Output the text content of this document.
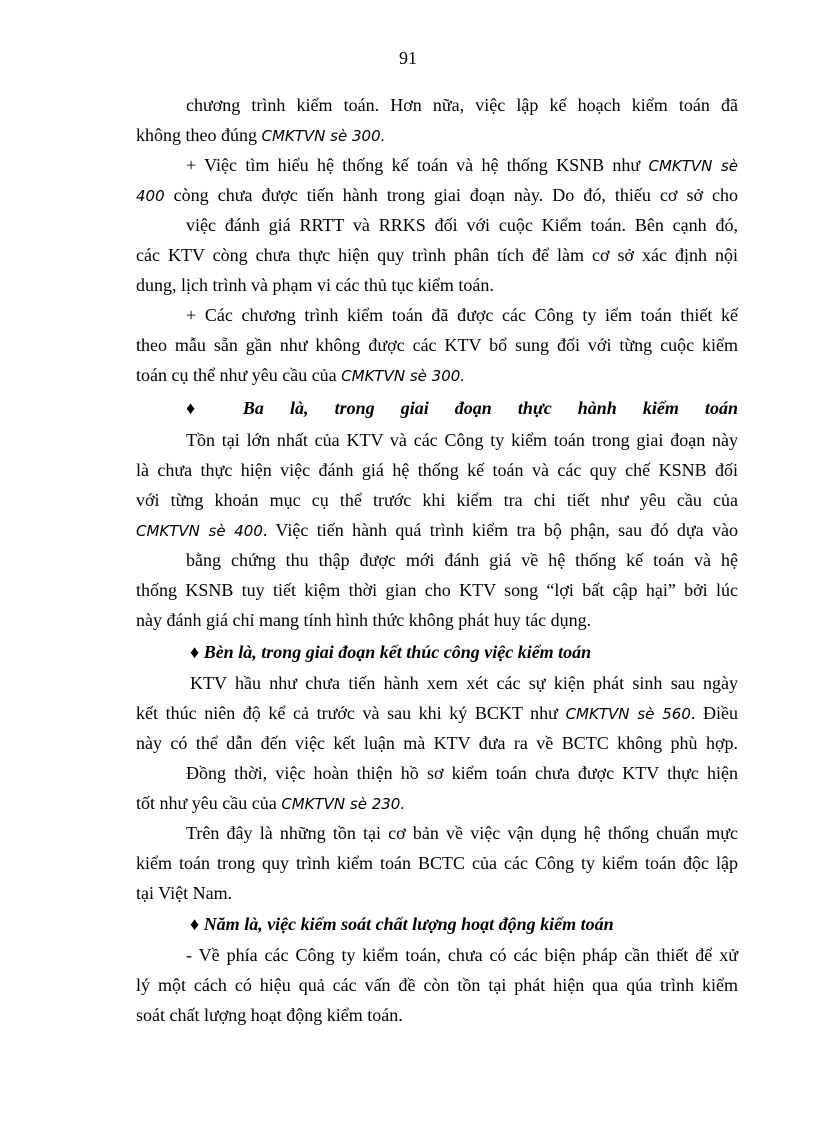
91
chương trình kiểm toán. Hơn nữa, việc lập kế hoạch kiểm toán đã
không theo đúng CMKTVN sè 300.
+ Việc tìm hiểu hệ thống kế toán và hệ thống KSNB như CMKTVN sè
400 còng chưa được tiến hành trong giai đoạn này. Do đó, thiếu cơ sở cho
việc đánh giá RRTT và RRKS đối với cuộc Kiểm toán. Bên cạnh đó,
các KTV còng chưa thực hiện quy trình phân tích để làm cơ sở xác định nội
dung, lịch trình và phạm vi các thủ tục kiểm toán.
+ Các chương trình kiểm toán đã được các Công ty iểm toán thiết kế
theo mẫu sẵn gần như không được các KTV bổ sung đối với từng cuộc kiểm
toán cụ thể như yêu cầu của CMKTVN sè 300.
♦ Ba là, trong giai đoạn thực hành kiểm toán
Tồn tại lớn nhất của KTV và các Công ty kiểm toán trong giai đoạn này
là chưa thực hiện việc đánh giá hệ thống kế toán và các quy chế KSNB đối
với từng khoản mục cụ thể trước khi kiểm tra chi tiết như yêu cầu của
CMKTVN sè 400. Việc tiến hành quá trình kiểm tra bộ phận, sau đó dựa vào
bằng chứng thu thập được mới đánh giá về hệ thống kế toán và hệ
thống KSNB tuy tiết kiệm thời gian cho KTV song “lợi bất cập hại” bởi lúc
này đánh giá chỉ mang tính hình thức không phát huy tác dụng.
♦ Bèn là, trong giai đoạn kết thúc công việc kiểm toán
KTV hầu như chưa tiến hành xem xét các sự kiện phát sinh sau ngày
kết thúc niên độ kể cả trước và sau khi ký BCKT như CMKTVN sè 560. Điều
này có thể dẫn đến việc kết luận mà KTV đưa ra về BCTC không phù hợp.
Đồng thời, việc hoàn thiện hồ sơ kiểm toán chưa được KTV thực hiện
tốt như yêu cầu của CMKTVN sè 230.
Trên đây là những tồn tại cơ bản về việc vận dụng hệ thống chuẩn mực
kiểm toán trong quy trình kiểm toán BCTC của các Công ty kiểm toán độc lập
tại Việt Nam.
♦ Năm là, việc kiểm soát chất lượng hoạt động kiểm toán
- Về phía các Công ty kiểm toán, chưa có các biện pháp cần thiết để xử
lý một cách có hiệu quả các vấn đề còn tồn tại phát hiện qua qúa trình kiểm
soát chất lượng hoạt động kiểm toán.
